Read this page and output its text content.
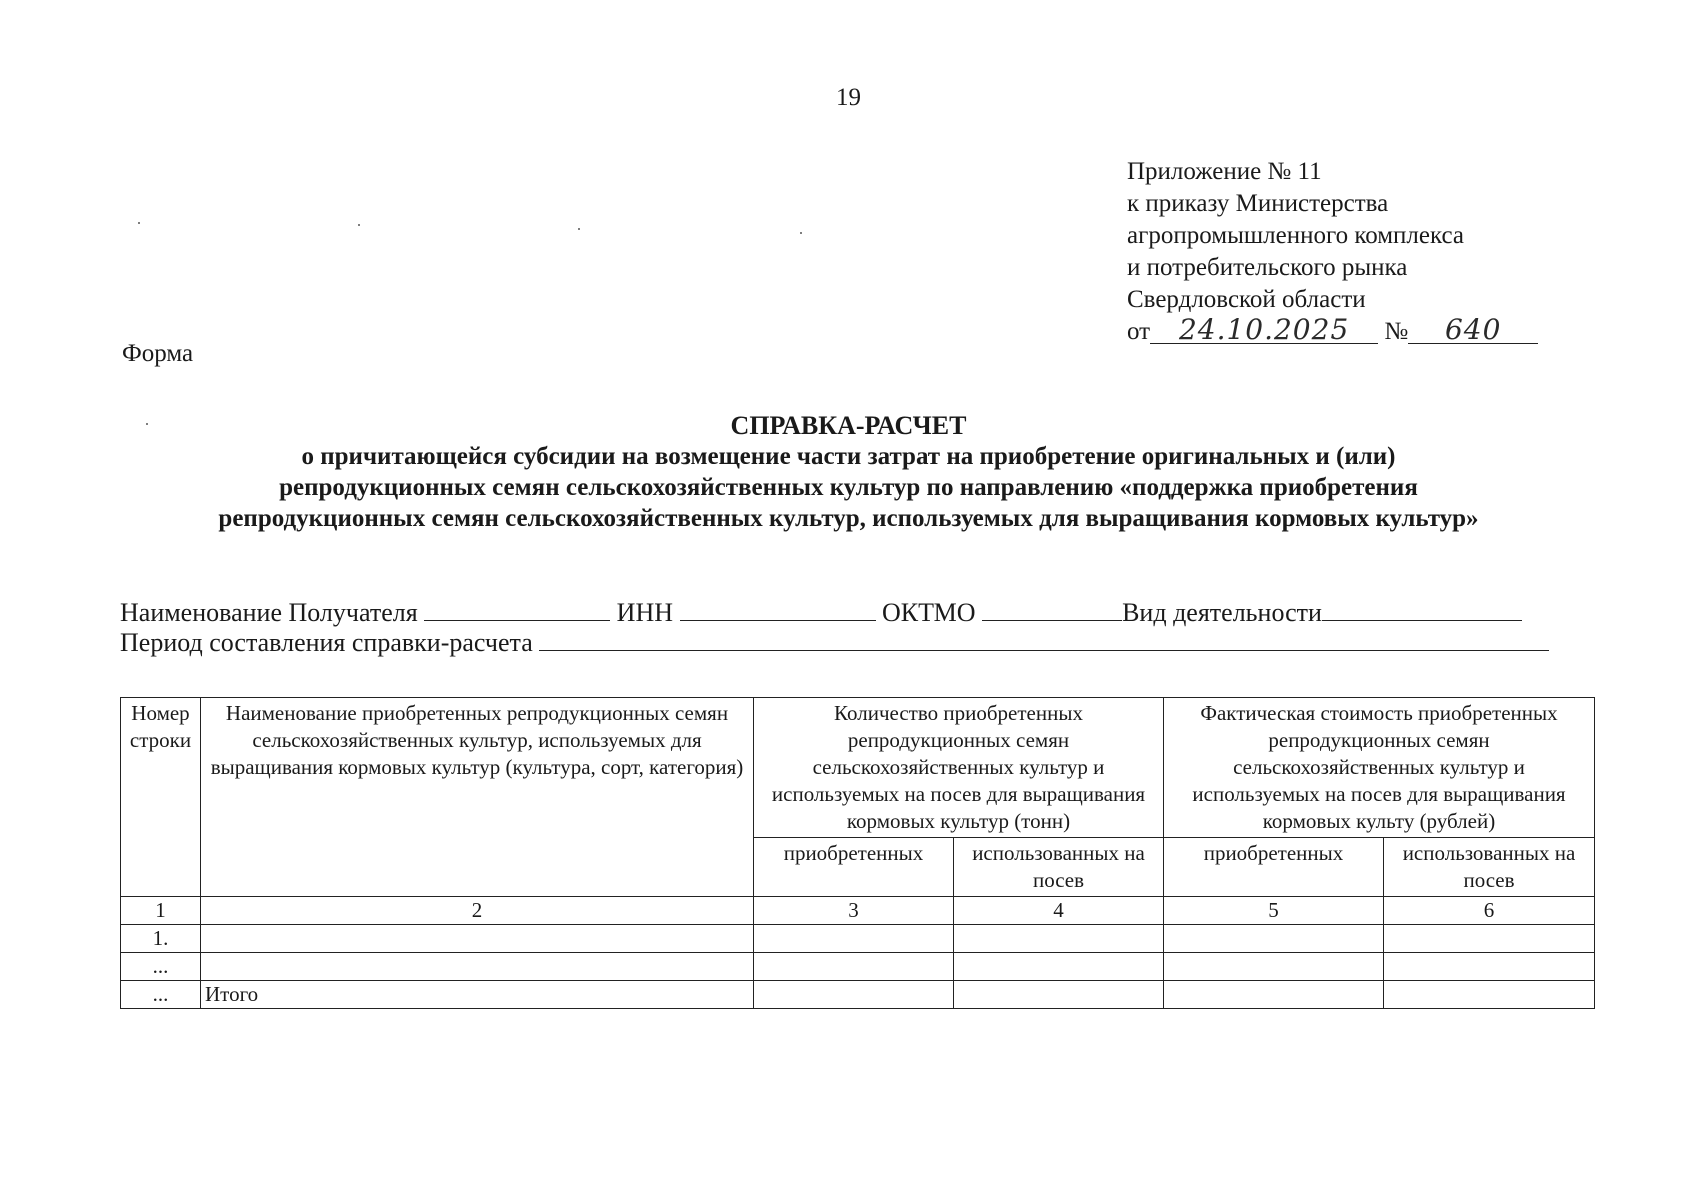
19
Приложение № 11
к приказу Министерства
агропромышленного комплекса
и потребительского рынка
Свердловской области
от 24.10.2025 № 640
Форма
СПРАВКА-РАСЧЕТ
о причитающейся субсидии на возмещение части затрат на приобретение оригинальных и (или)
репродукционных семян сельскохозяйственных культур по направлению «поддержка приобретения
репродукционных семян сельскохозяйственных культур, используемых для выращивания кормовых культур»
Наименование Получателя	ИНН	ОКТМО	Вид деятельности
Период составления справки-расчета
Номер строки	Наименование приобретенных репродукционных семян сельскохозяйственных культур, используемых для выращивания кормовых культур (культура, сорт, категория)	Количество приобретенных репродукционных семян сельскохозяйственных культур и используемых на посев для выращивания кормовых культур (тонн)		Фактическая стоимость приобретенных репродукционных семян сельскохозяйственных культур и используемых на посев для выращивания кормовых культу (рублей)	
		приобретенных	использованных на посев	приобретенных	использованных на посев
1	2	3	4	5	6
1.					
...					
...	Итого				
